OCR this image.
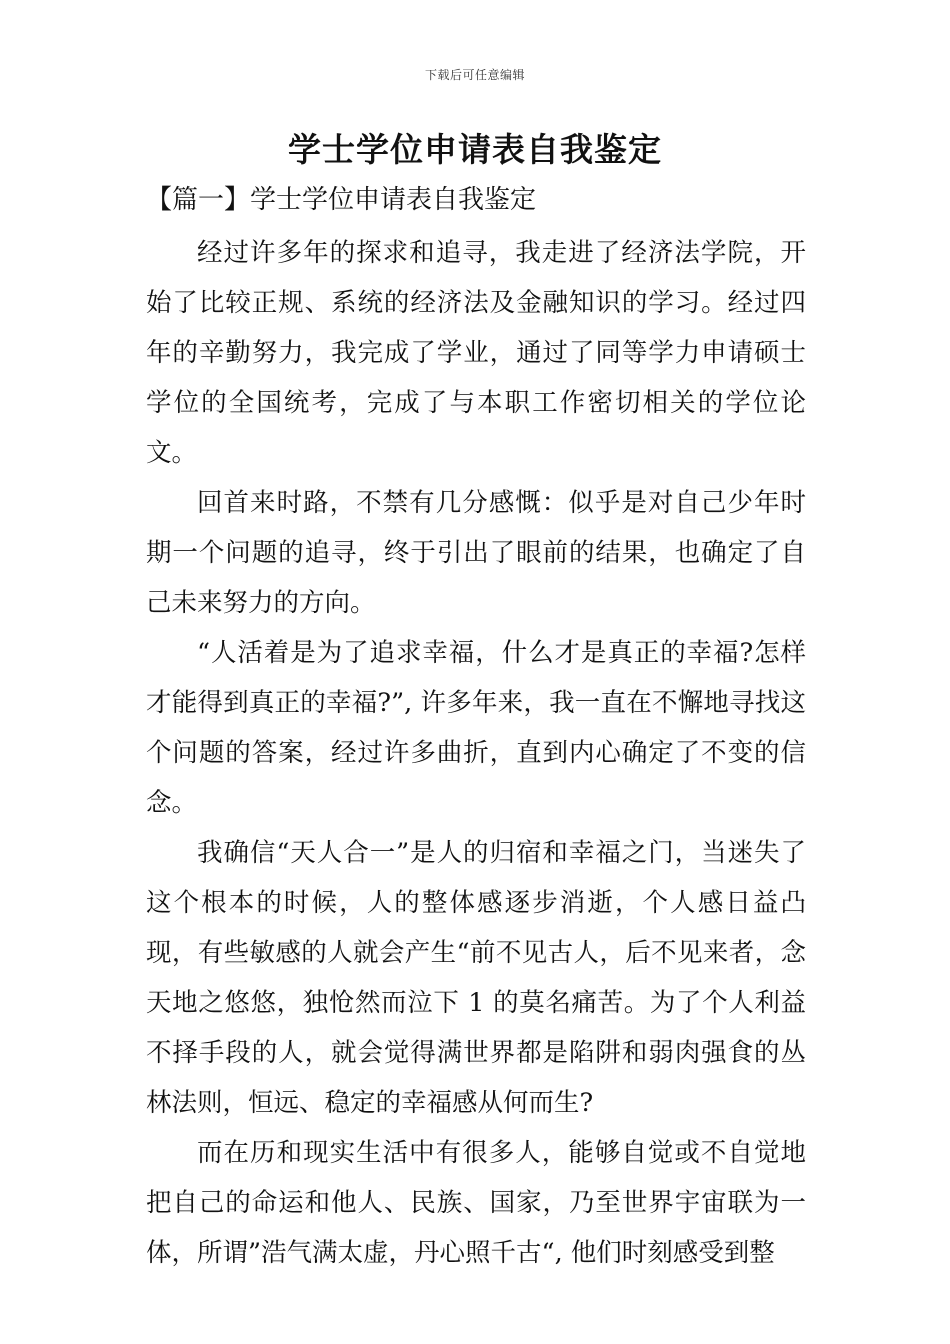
下载后可任意编辑
学士学位申请表自我鉴定
【篇一】学士学位申请表自我鉴定

经过许多年的探求和追寻，我走进了经济法学院，开始了比较正规、系统的经济法及金融知识的学习。经过四年的辛勤努力，我完成了学业，通过了同等学力申请硕士学位的全国统考，完成了与本职工作密切相关的学位论文。

回首来时路，不禁有几分感慨：似乎是对自己少年时期一个问题的追寻，终于引出了眼前的结果，也确定了自己未来努力的方向。

“人活着是为了追求幸福，什么才是真正的幸福?怎样才能得到真正的幸福?”, 许多年来，我一直在不懈地寻找这个问题的答案，经过许多曲折，直到内心确定了不变的信念。

我确信“天人合一”是人的归宿和幸福之门，当迷失了这个根本的时候，人的整体感逐步消逝，个人感日益凸现，有些敏感的人就会产生“前不见古人，后不见来者，念天地之悠悠，独怆然而泣下 1 的莫名痛苦。为了个人利益不择手段的人，就会觉得满世界都是陷阱和弱肉强食的丛林法则，恒远、稳定的幸福感从何而生?

而在历和现实生活中有很多人，能够自觉或不自觉地把自己的命运和他人、民族、国家，乃至世界宇宙联为一体，所谓”浩气满太虚，丹心照千古“, 他们时刻感受到整
